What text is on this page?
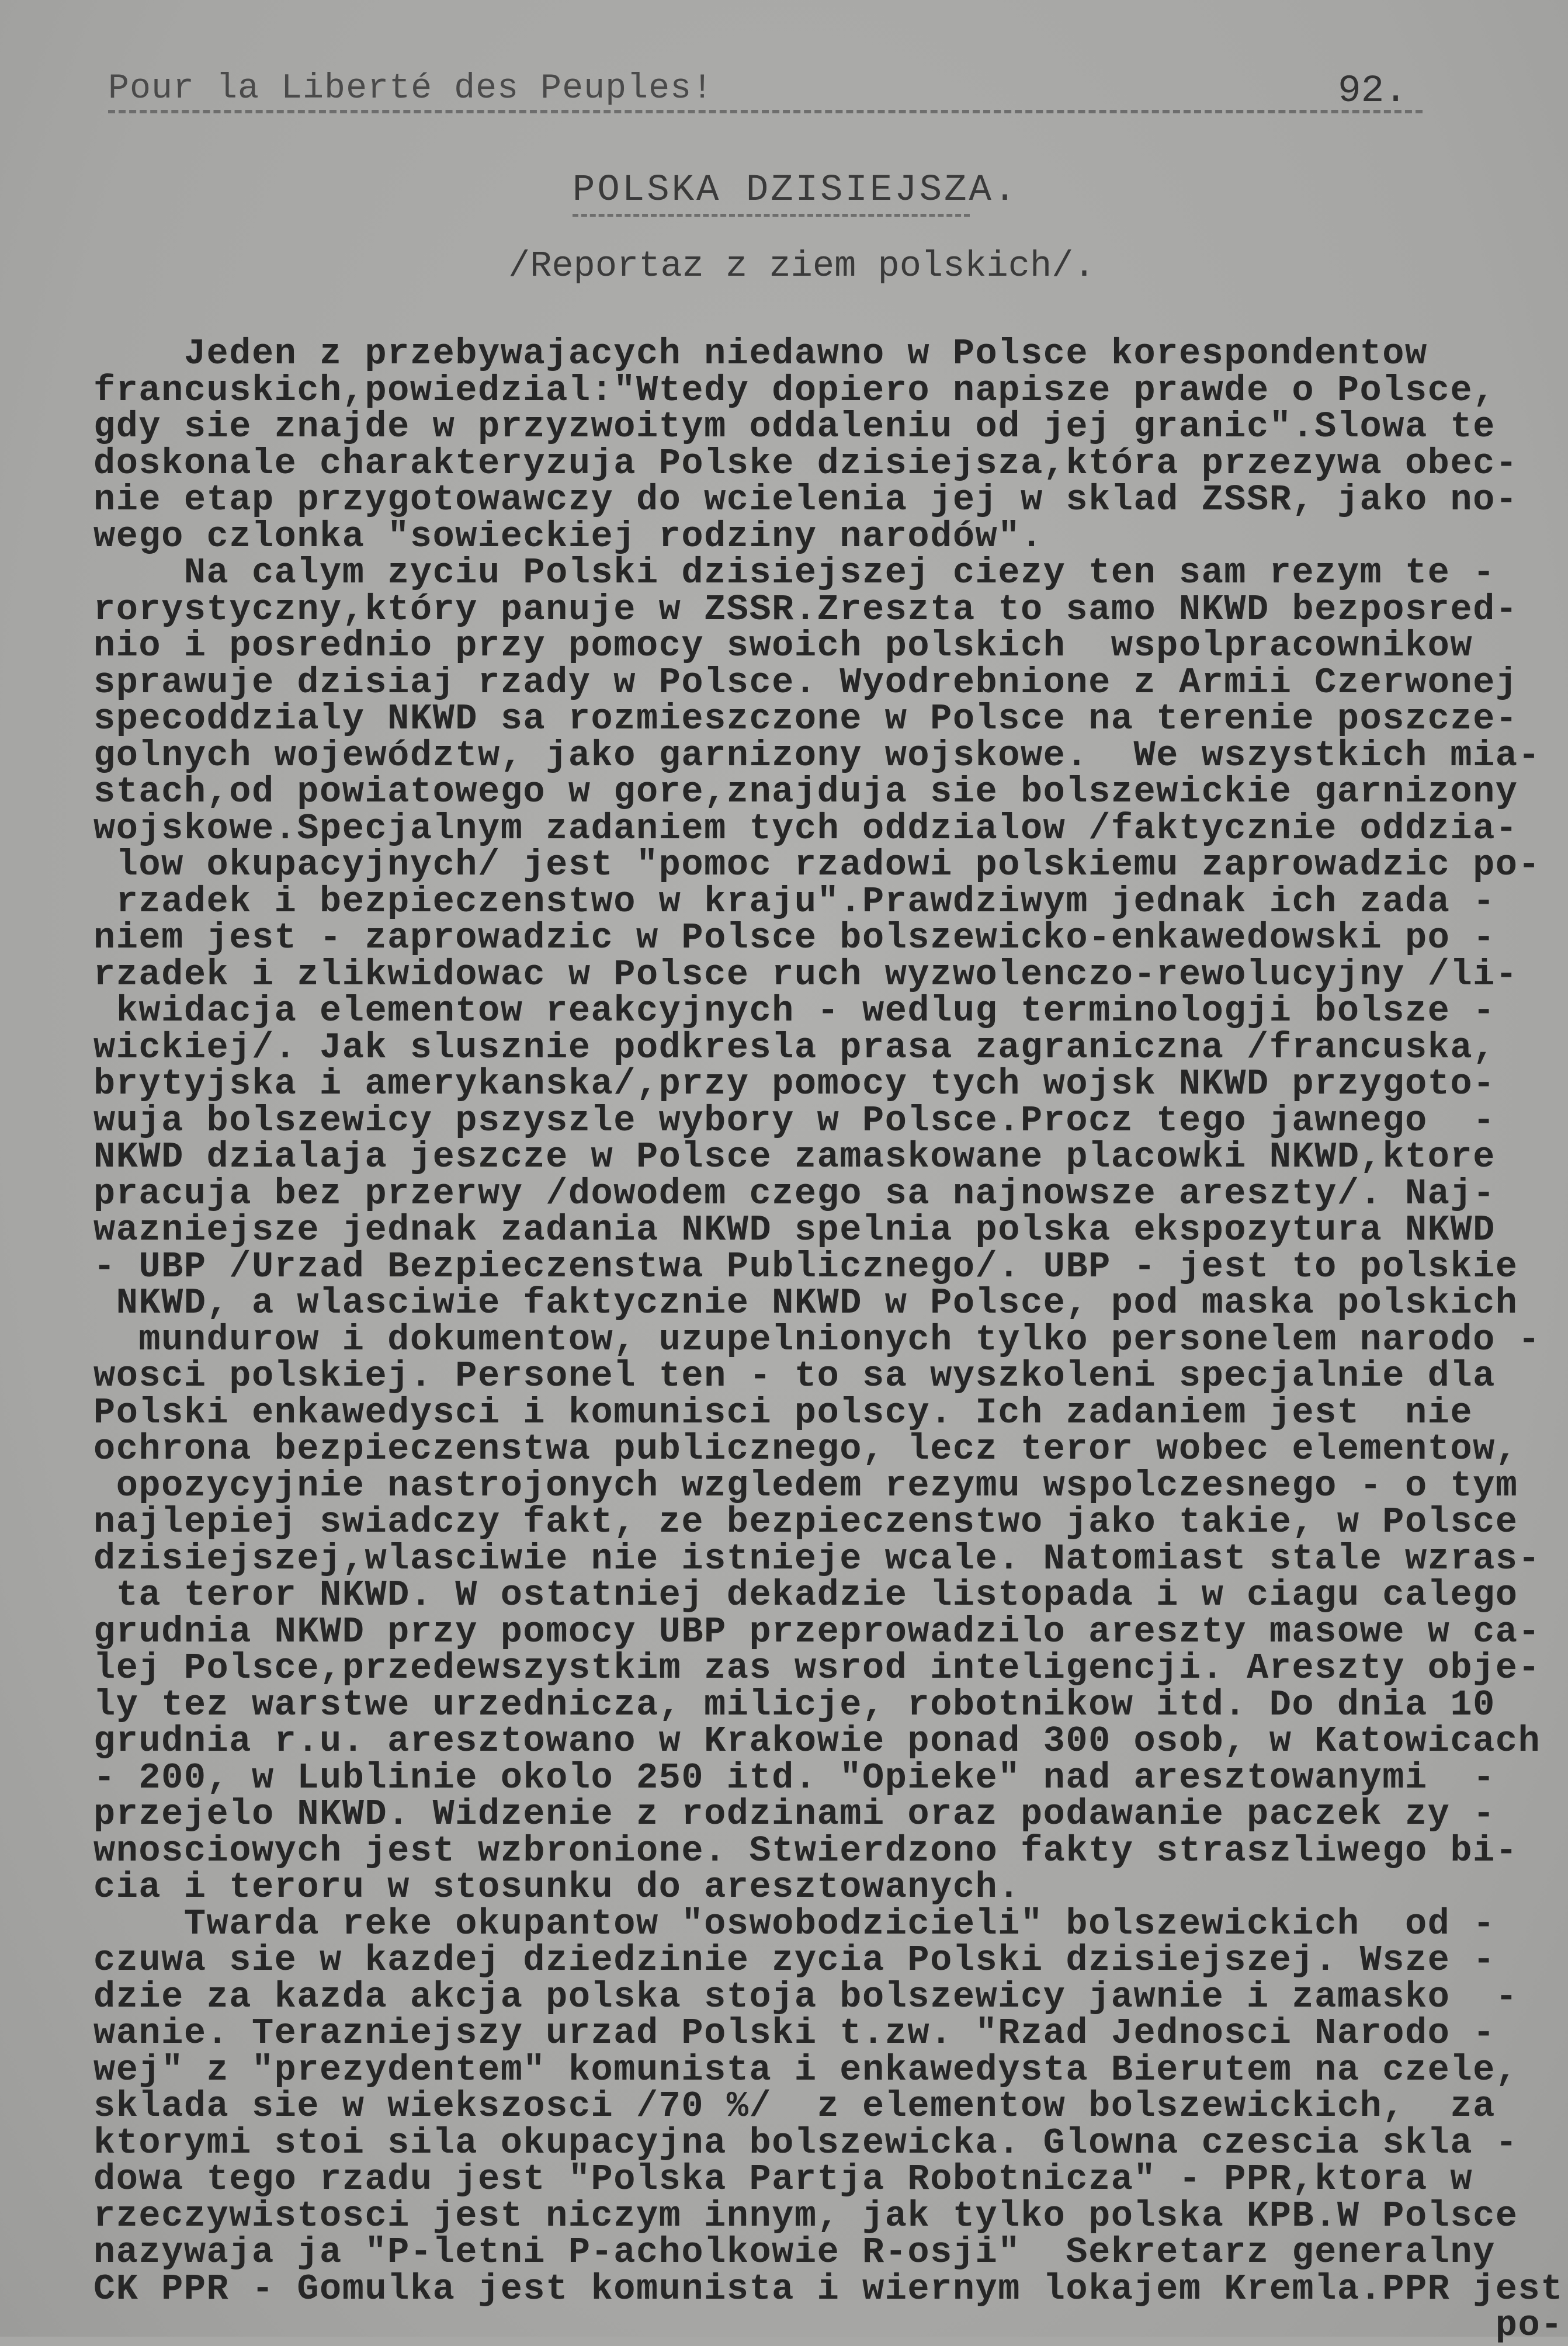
Pour la Liberté des Peuples!	92.
POLSKA DZISIEJSZA.
/Reportaz z ziem polskich/.
Jeden z przebywajacych niedawno w Polsce korespondentow
francuskich,powiedzial:"Wtedy dopiero napisze prawde o Polsce,
gdy sie znajde w przyzwoitym oddaleniu od jej granic".Slowa te
doskonale charakteryzuja Polske dzisiejsza,która przezywa obec-
nie etap przygotowawczy do wcielenia jej w sklad ZSSR, jako no-
wego czlonka "sowieckiej rodziny narodów".
Na calym zyciu Polski dzisiejszej ciezy ten sam rezym te -
rorystyczny,który panuje w ZSSR.Zreszta to samo NKWD bezposred-
nio i posrednio przy pomocy swoich polskich  wspolpracownikow
sprawuje dzisiaj rzady w Polsce. Wyodrebnione z Armii Czerwonej
specoddzialy NKWD sa rozmieszczone w Polsce na terenie poszcze-
golnych województw, jako garnizony wojskowe.  We wszystkich mia-
stach,od powiatowego w gore,znajduja sie bolszewickie garnizony
wojskowe.Specjalnym zadaniem tych oddzialow /faktycznie oddzia-
low okupacyjnych/ jest "pomoc rzadowi polskiemu zaprowadzic po-
rzadek i bezpieczenstwo w kraju".Prawdziwym jednak ich zada -
niem jest - zaprowadzic w Polsce bolszewicko-enkawedowski po -
rzadek i zlikwidowac w Polsce ruch wyzwolenczo-rewolucyjny /li-
kwidacja elementow reakcyjnych - wedlug terminologji bolsze -
wickiej/. Jak slusznie podkresla prasa zagraniczna /francuska,
brytyjska i amerykanska/,przy pomocy tych wojsk NKWD przygoto-
wuja bolszewicy pszyszle wybory w Polsce.Procz tego jawnego  -
NKWD dzialaja jeszcze w Polsce zamaskowane placowki NKWD,ktore
pracuja bez przerwy /dowodem czego sa najnowsze areszty/. Naj-
wazniejsze jednak zadania NKWD spelnia polska ekspozytura NKWD
- UBP /Urzad Bezpieczenstwa Publicznego/. UBP - jest to polskie
NKWD, a wlasciwie faktycznie NKWD w Polsce, pod maska polskich
mundurow i dokumentow, uzupelnionych tylko personelem narodo -
wosci polskiej. Personel ten - to sa wyszkoleni specjalnie dla
Polski enkawedysci i komunisci polscy. Ich zadaniem jest  nie
ochrona bezpieczenstwa publicznego, lecz teror wobec elementow,
opozycyjnie nastrojonych wzgledem rezymu wspolczesnego - o tym
najlepiej swiadczy fakt, ze bezpieczenstwo jako takie, w Polsce
dzisiejszej,wlasciwie nie istnieje wcale. Natomiast stale wzras-
ta teror NKWD. W ostatniej dekadzie listopada i w ciagu calego
grudnia NKWD przy pomocy UBP przeprowadzilo areszty masowe w ca-
lej Polsce,przedewszystkim zas wsrod inteligencji. Areszty obje-
ly tez warstwe urzednicza, milicje, robotnikow itd. Do dnia 10
grudnia r.u. aresztowano w Krakowie ponad 300 osob, w Katowicach
- 200, w Lublinie okolo 250 itd. "Opieke" nad aresztowanymi  -
przejelo NKWD. Widzenie z rodzinami oraz podawanie paczek zy -
wnosciowych jest wzbronione. Stwierdzono fakty straszliwego bi-
cia i teroru w stosunku do aresztowanych.
Twarda reke okupantow "oswobodzicieli" bolszewickich  od -
czuwa sie w kazdej dziedzinie zycia Polski dzisiejszej. Wsze -
dzie za kazda akcja polska stoja bolszewicy jawnie i zamasko  -
wanie. Terazniejszy urzad Polski t.zw. "Rzad Jednosci Narodo -
wej" z "prezydentem" komunista i enkawedysta Bierutem na czele,
sklada sie w wiekszosci /70 %/  z elementow bolszewickich,  za
ktorymi stoi sila okupacyjna bolszewicka. Glowna czescia skla -
dowa tego rzadu jest "Polska Partja Robotnicza" - PPR,ktora w
rzeczywistosci jest niczym innym, jak tylko polska KPB.W Polsce
nazywaja ja "P-letni P-acholkowie R-osji"  Sekretarz generalny
CK PPR - Gomulka jest komunista i wiernym lokajem Kremla.PPR jest
po-
